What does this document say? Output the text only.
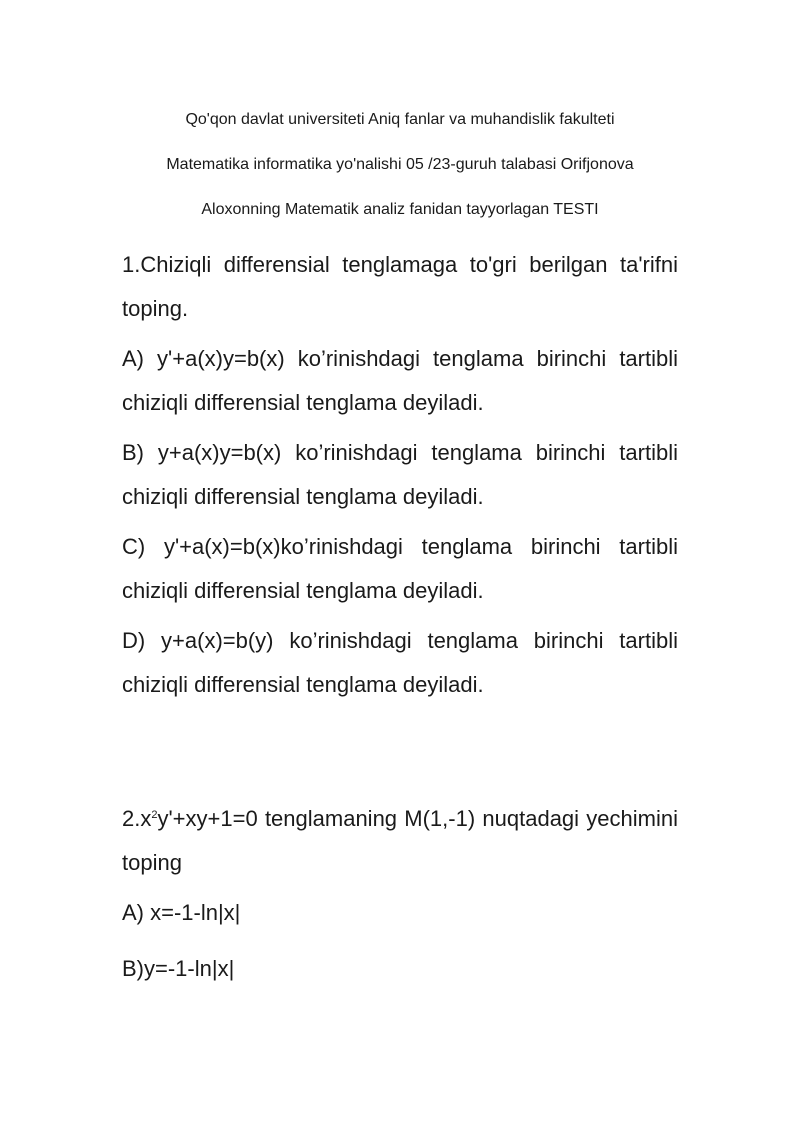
Qo'qon davlat universiteti Aniq fanlar va muhandislik fakulteti
Matematika informatika yo'nalishi 05 /23-guruh talabasi Orifjonova
Aloxonning Matematik analiz fanidan tayyorlagan TESTI

1.Chiziqli differensial tenglamaga to'gri berilgan ta'rifni toping.

A) y'+a(x)y=b(x) ko’rinishdagi tenglama birinchi tartibli chiziqli differensial tenglama deyiladi.

B) y+a(x)y=b(x) ko’rinishdagi tenglama birinchi tartibli chiziqli differensial tenglama deyiladi.

C) y'+a(x)=b(x)ko’rinishdagi tenglama birinchi tartibli chiziqli differensial tenglama deyiladi.

D) y+a(x)=b(y) ko’rinishdagi tenglama birinchi tartibli chiziqli differensial tenglama deyiladi.

$2.x^2y'+xy+1=0$ tenglamaning M(1,-1) nuqtadagi yechimini toping

A) x=-1-ln|x|

B)y=-1-ln|x|
